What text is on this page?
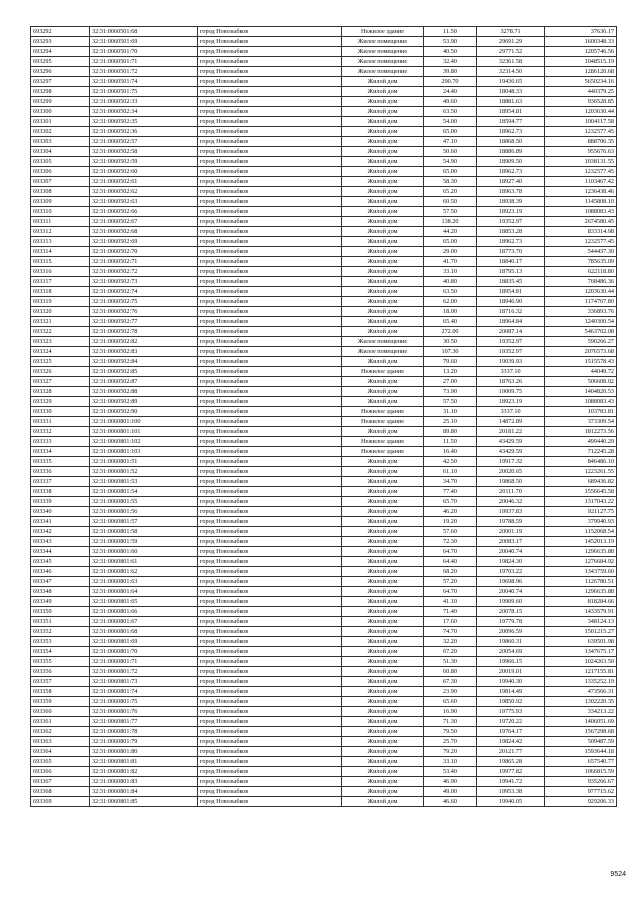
693292	32:31:0060501:68	город Новозыбков	Нежилое здание	11.50	3278.71	37636.17
693293	32:31:0060501:69	город Новозыбков	Жилое помещение	53.90	29691.29	1600348.33
693294	32:31:0060501:70	город Новозыбков	Жилое помещение	40.50	29771.52	1205746.56
693295	32:31:0060501:71	город Новозыбков	Жилое помещение	32.40	32361.58	1048515.19
693296	32:31:0060501:72	город Новозыбков	Жилое помещение	39.80	32314.50	1286120.68
693297	32:31:0060501:74	город Новозыбков	Жилой дом	290.70	19436.65	5650234.16
693298	32:31:0060501:75	город Новозыбков	Жилой дом	24.40	18048.33	440379.25
693299	32:31:0060502:33	город Новозыбков	Жилой дом	49.60	18881.63	936528.85
693300	32:31:0060502:34	город Новозыбков	Жилой дом	63.50	18954.81	1203630.44
693301	32:31:0060502:35	город Новозыбков	Жилой дом	54.00	18594.77	1004117.58
693302	32:31:0060502:36	город Новозыбков	Жилой дом	65.00	18962.73	1232577.45
693303	32:31:0060502:57	город Новозыбков	Жилой дом	47.10	18868.50	888706.35
693304	32:31:0060502:58	город Новозыбков	Жилой дом	50.60	18886.89	955676.63
693305	32:31:0060502:59	город Новозыбков	Жилой дом	54.90	18909.50	1038131.55
693306	32:31:0060502:60	город Новозыбков	Жилой дом	65.00	18962.73	1232577.45
693307	32:31:0060502:61	город Новозыбков	Жилой дом	58.30	18927.40	1103467.42
693308	32:31:0060502:62	город Новозыбков	Жилой дом	65.20	18963.78	1236438.46
693309	32:31:0060502:63	город Новозыбков	Жилой дом	60.50	18938.39	1145808.10
693310	32:31:0060502:66	город Новозыбков	Жилой дом	57.50	18923.19	1088083.43
693311	32:31:0060502:67	город Новозыбков	Жилой дом	138.20	19352.97	2674580.45
693312	32:31:0060502:68	город Новозыбков	Жилой дом	44.20	18853.28	833314.98
693313	32:31:0060502:69	город Новозыбков	Жилой дом	65.00	18962.73	1232577.45
693314	32:31:0060502:70	город Новозыбков	Жилой дом	29.00	18773.70	544437.30
693315	32:31:0060502:71	город Новозыбков	Жилой дом	41.70	18840.17	785635.09
693316	32:31:0060502:72	город Новозыбков	Жилой дом	33.10	18795.13	622118.80
693317	32:31:0060502:73	город Новозыбков	Жилой дом	40.80	18835.45	768486.36
693318	32:31:0060502:74	город Новозыбков	Жилой дом	63.50	18954.81	1203630.44
693319	32:31:0060502:75	город Новозыбков	Жилой дом	62.00	18946.90	1174707.80
693320	32:31:0060502:76	город Новозыбков	Жилой дом	18.00	18716.32	336893.76
693321	32:31:0060502:77	город Новозыбков	Жилой дом	65.40	18964.84	1240300.54
693322	32:31:0060502:78	город Новозыбков	Жилой дом	272.00	20087.14	5463702.08
693323	32:31:0060502:82	город Новозыбков	Жилое помещение	30.50	19352.97	590266.27
693324	32:31:0060502:83	город Новозыбков	Жилое помещение	107.30	19352.97	2076573.68
693325	32:31:0060502:84	город Новозыбков	Жилой дом	79.60	19039.93	1515578.43
693326	32:31:0060502:85	город Новозыбков	Нежилое здание	13.20	3337.10	44049.72
693327	32:31:0060502:87	город Новозыбков	Жилой дом	27.00	18763.26	506608.02
693328	32:31:0060502:88	город Новозыбков	Жилой дом	73.90	19009.75	1404820.53
693329	32:31:0060502:89	город Новозыбков	Жилой дом	57.50	18923.19	1088083.43
693330	32:31:0060502:90	город Новозыбков	Нежилое здание	31.10	3337.10	103783.81
693331	32:31:0060801:100	город Новозыбков	Нежилое здание	25.10	14872.89	373309.54
693332	32:31:0060801:101	город Новозыбков	Жилой дом	89.80	20181.22	1812273.56
693333	32:31:0060801:102	город Новозыбков	Нежилое здание	11.50	43429.59	499440.29
693334	32:31:0060801:103	город Новозыбков	Нежилое здание	16.40	43429.59	712245.28
693335	32:31:0060801:51	город Новозыбков	Жилой дом	42.50	19917.32	846486.10
693336	32:31:0060801:52	город Новозыбков	Жилой дом	61.10	20020.65	1223261.55
693337	32:31:0060801:53	город Новозыбков	Жилой дом	34.70	19868.50	689436.82
693338	32:31:0060801:54	город Новозыбков	Жилой дом	77.40	20111.70	1556645.58
693339	32:31:0060801:55	город Новозыбков	Жилой дом	65.70	20046.32	1317043.22
693340	32:31:0060801:56	город Новозыбков	Жилой дом	46.20	19937.83	921127.75
693341	32:31:0060801:57	город Новозыбков	Жилой дом	19.20	19788.59	379940.93
693342	32:31:0060801:58	город Новозыбков	Жилой дом	57.60	20001.19	1152068.54
693343	32:31:0060801:59	город Новозыбков	Жилой дом	72.30	20083.17	1452013.19
693344	32:31:0060801:60	город Новозыбков	Жилой дом	64.70	20040.74	1296635.88
693345	32:31:0060801:61	город Новозыбков	Жилой дом	64.40	19824.30	1276684.92
693346	32:31:0060801:62	город Новозыбков	Жилой дом	68.20	19703.22	1343759.60
693347	32:31:0060801:63	город Новозыбков	Жилой дом	57.20	19698.96	1126780.51
693348	32:31:0060801:64	город Новозыбков	Жилой дом	64.70	20040.74	1296635.88
693349	32:31:0060801:65	город Новозыбков	Жилой дом	41.10	19909.60	818284.66
693350	32:31:0060801:66	город Новозыбков	Жилой дом	71.40	20078.15	1433579.91
693351	32:31:0060801:67	город Новозыбков	Жилой дом	17.60	19779.78	348124.13
693352	32:31:0060801:68	город Новозыбков	Жилой дом	74.70	20096.59	1501215.27
693353	32:31:0060801:69	город Новозыбков	Жилой дом	32.20	19860.31	639501.98
693354	32:31:0060801:70	город Новозыбков	Жилой дом	67.20	20054.69	1347675.17
693355	32:31:0060801:71	город Новозыбков	Жилой дом	51.30	19966.15	1024263.50
693356	32:31:0060801:72	город Новозыбков	Жилой дом	60.80	20019.01	1217155.81
693357	32:31:0060801:73	город Новозыбков	Жилой дом	67.30	19940.30	1335252.19
693358	32:31:0060801:74	город Новозыбков	Жилой дом	23.90	19814.49	473566.31
693359	32:31:0060801:75	город Новозыбков	Жилой дом	65.60	19850.92	1302220.35
693360	32:31:0060801:76	город Новозыбков	Жилой дом	16.90	19775.93	334213.22
693361	32:31:0060801:77	город Новозыбков	Жилой дом	71.30	19720.22	1406051.69
693362	32:31:0060801:78	город Новозыбков	Жилой дом	79.50	19764.17	1567298.68
693363	32:31:0060801:79	город Новозыбков	Жилой дом	25.70	19824.42	509487.59
693364	32:31:0060801:80	город Новозыбков	Жилой дом	79.20	20121.77	1593644.18
693365	32:31:0060801:81	город Новозыбков	Жилой дом	33.10	19865.28	657540.77
693366	32:31:0060801:82	город Новозыбков	Жилой дом	53.40	19977.82	1066815.59
693367	32:31:0060801:83	город Новозыбков	Жилой дом	46.90	19941.72	935266.67
693368	32:31:0060801:84	город Новозыбков	Жилой дом	49.00	19953.38	977715.62
693369	32:31:0060801:85	город Новозыбков	Жилой дом	46.60	19940.05	929206.33
9524
